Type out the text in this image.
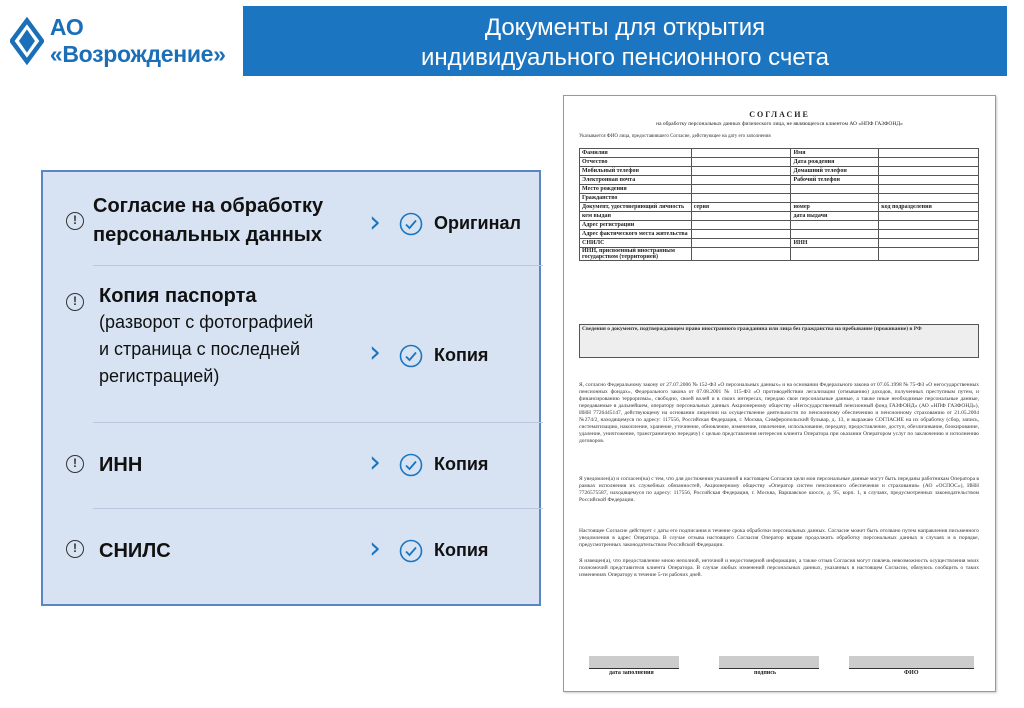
АО «Возрождение»
Документы для открытия
индивидуального пенсионного счета
!
Согласие на обработку
персональных данных ›	Оригинал
!	Копия паспорта
(разворот с фотографией
и страница с последней
регистрацией)
›	Копия
!	ИНН	›	Копия
!	СНИЛС	›	Копия
СОГЛАСИЕ
на обработку персональных данных физического лица, не являющегося клиентом АО «НПФ ГАЗФОНД»
Указывается ФИО лица, предоставившего Согласие, действующее на дату его заполнения
Фамилия		Имя	
Отчество		Дата рождения	
Мобильный телефон		Домашний телефон	
Электронная почта		Рабочий телефон	
Место рождения			
Гражданство			
Документ, удостоверяющий личность	серия	номер	код подразделения
кем выдан		дата выдачи	
Адрес регистрации			
Адрес фактического места жительства			
СНИЛС		ИНН	
ИНН, присвоенный иностранным государством (территорией)			
Сведения о документе, подтверждающем право иностранного гражданина или лица без гражданства на пребывание (проживание) в РФ
Я, согласно Федеральному закону от 27.07.2006 № 152-ФЗ «О персональных данных» и на основании Федерального закона от 07.05.1998 № 75-ФЗ «О негосударственных пенсионных фондах», Федерального закона от 07.08.2001 № 115-ФЗ «О противодействии легализации (отмыванию) доходов, полученных преступным путем, и финансированию терроризма», свободно, своей волей и в своих интересах, передаю свои персональные данные, а также иные необходимые персональные данные, передаваемые в дальнейшем, оператору персональных данных Акционерному обществу «Негосударственный пенсионный фонд ГАЗФОНД» (АО «НПФ ГАЗФОНД»), ИНН 7726445147, действующему на основании лицензии на осуществление деятельности по пенсионному обеспечению и пенсионному страхованию от 21.05.2004 №274/2, находящемуся по адресу: 117556, Российская Федерация, г. Москва, Симферопольский бульвар, д. 13, и выражаю СОГЛАСИЕ на их обработку (сбор, запись, систематизацию, накопление, хранение, уточнение, обновление, изменение, извлечение, использование, передачу, предоставление, доступ, обезличивание, блокирование, удаление, уничтожение, трансграничную передачу) с целью представления интересов клиента Оператора при оказании Оператором услуг по заключению и исполнению договоров.
Я уведомлен(а) и согласен(на) с тем, что для достижения указанной в настоящем Согласии цели мои персональные данные могут быть переданы работникам Оператора в рамках исполнения их служебных обязанностей, Акционерному обществу «Оператор систем пенсионного обеспечения и страхования» (АО «ОСПОС»), ИНН 7726575587, находящемуся по адресу: 117556, Российская Федерация, г. Москва, Варшавское шоссе, д. 95, корп. 1, в случаях, предусмотренных законодательством Российской Федерации.
Настоящее Согласие действует с даты его подписания в течение срока обработки персональных данных. Согласие может быть отозвано путем направления письменного уведомления в адрес Оператора. В случае отзыва настоящего Согласия Оператор вправе продолжить обработку персональных данных в случаях и в порядке, предусмотренных законодательством Российской Федерации.
Я извещен(а), что предоставление мною неполной, неточной и недостоверной информации, а также отзыв Согласия могут повлечь невозможность осуществления моих полномочий представителя клиента Оператора. В случае любых изменений персональных данных, указанных в настоящем Согласии, обязуюсь сообщить о таких изменениях Оператору в течение 5-ти рабочих дней.
дата заполнения	подпись	ФИО
